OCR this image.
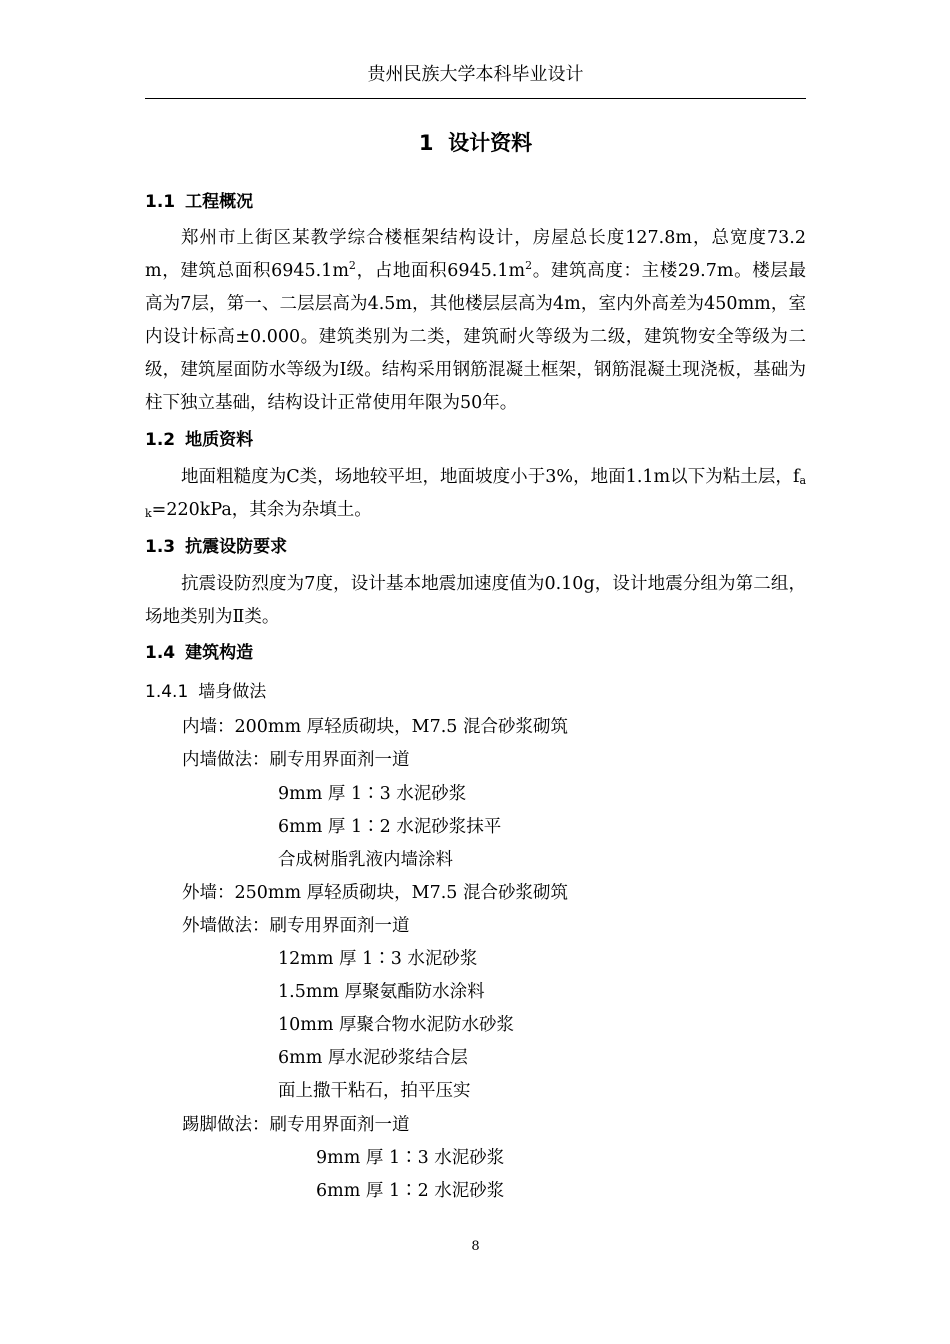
贵州民族大学本科毕业设计
1 设计资料
1.1 工程概况

郑州市上街区某教学综合楼框架结构设计，房屋总长度127.8m，总宽度73.2m，建筑总面积$6945.1m^2$，占地面积$6945.1m^2$。建筑高度：主楼29.7m。楼层最高为7层，第一、二层层高为4.5m，其他楼层层高为4m，室内外高差为450mm，室内设计标高±0.000。建筑类别为二类，建筑耐火等级为二级，建筑物安全等级为二级，建筑屋面防水等级为Ⅰ级。结构采用钢筋混凝土框架，钢筋混凝土现浇板，基础为柱下独立基础，结构设计正常使用年限为50年。

1.2 地质资料

地面粗糙度为C类，场地较平坦，地面坡度小于3%，地面1.1m以下为粘土层，$f_{ak}=220kPa$，其余为杂填土。

1.3 抗震设防要求

抗震设防烈度为7度，设计基本地震加速度值为0.10g，设计地震分组为第二组，场地类别为Ⅱ类。

1.4 建筑构造
1.4.1 墙身做法
内墙：200mm 厚轻质砌块，M7.5 混合砂浆砌筑
内墙做法：刷专用界面剂一道
9mm 厚 1∶3 水泥砂浆
6mm 厚 1∶2 水泥砂浆抹平
合成树脂乳液内墙涂料
外墙：250mm 厚轻质砌块，M7.5 混合砂浆砌筑
外墙做法：刷专用界面剂一道
12mm 厚 1∶3 水泥砂浆
1.5mm 厚聚氨酯防水涂料
10mm 厚聚合物水泥防水砂浆
6mm 厚水泥砂浆结合层
面上撒干粘石，拍平压实
踢脚做法：刷专用界面剂一道
9mm 厚 1∶3 水泥砂浆
6mm 厚 1∶2 水泥砂浆
8
